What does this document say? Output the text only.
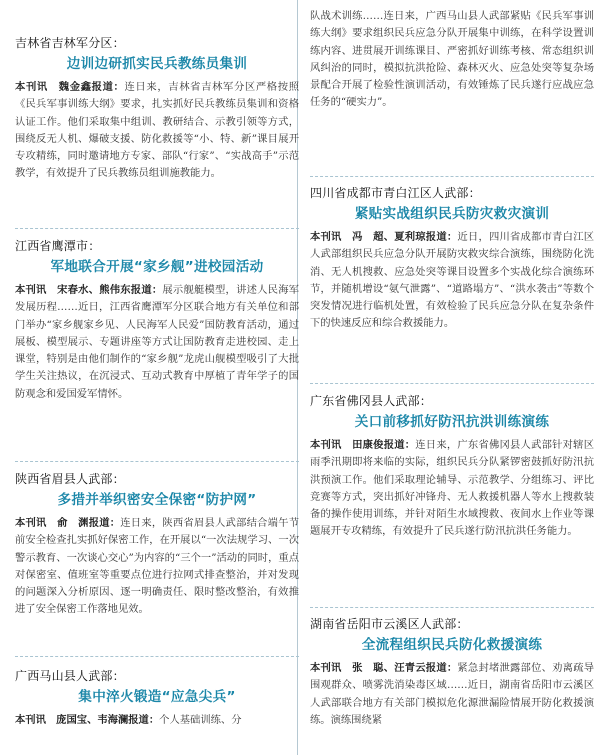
吉林省吉林军分区：
边训边研抓实民兵教练员集训
本刊讯　魏金鑫报道：连日来，吉林省吉林军分区严格按照《民兵军事训练大纲》要求，扎实抓好民兵教练员集训和资格认证工作。他们采取集中组训、教研结合、示教引领等方式，围绕反无人机、爆破支援、防化救援等“小、特、新”课目展开专攻精练，同时邀请地方专家、部队“行家”、“实战高手”示范教学，有效提升了民兵教练员组训施教能力。
江西省鹰潭市：
军地联合开展“家乡舰”进校园活动
本刊讯　宋春水、熊伟东报道：展示舰艇模型，讲述人民海军发展历程……近日，江西省鹰潭军分区联合地方有关单位和部门举办“家乡舰家乡见、人民海军人民爱”国防教育活动，通过展板、模型展示、专题讲座等方式让国防教育走进校园、走上课堂，特别是由他们制作的“家乡舰”龙虎山舰模型吸引了大批学生关注热议，在沉浸式、互动式教育中厚植了青年学子的国防观念和爱国爱军情怀。
陕西省眉县人武部：
多措并举织密安全保密“防护网”
本刊讯　俞　渊报道：连日来，陕西省眉县人武部结合端午节前安全检查扎实抓好保密工作，在开展以“一次法规学习、一次警示教育、一次谈心交心”为内容的“三个一”活动的同时，重点对保密室、值班室等重要点位进行拉网式排查整治，并对发现的问题深入分析原因、逐一明确责任、限时整改整治，有效推进了安全保密工作落地见效。
广西马山县人武部：
集中淬火锻造“应急尖兵”
本刊讯　庞国宝、韦海澜报道：个人基础训练、分
队战术训练……连日来，广西马山县人武部紧贴《民兵军事训练大纲》要求组织民兵应急分队开展集中训练，在科学设置训练内容、进贯展开训练课目、严密抓好训练考核、常态组织训风纠治的同时，模拟抗洪抢险、森林灭火、应急处突等复杂场景配合开展了检验性演训活动，有效锤炼了民兵遂行应战应急任务的“硬实力”。
四川省成都市青白江区人武部：
紧贴实战组织民兵防灾救灾演训
本刊讯　冯　超、夏利琼报道：近日，四川省成都市青白江区人武部组织民兵应急分队开展防灾救灾综合演练，围绕防化洗消、无人机搜救、应急处突等课目设置多个实战化综合演练环节，并随机增设“氨气泄露”、“道路塌方”、“洪水袭击”等数个突发情况进行临机处置，有效检验了民兵应急分队在复杂条件下的快速反应和综合救援能力。
广东省佛冈县人武部：
关口前移抓好防汛抗洪训练演练
本刊讯　田康俊报道：连日来，广东省佛冈县人武部针对辖区雨季汛期即将来临的实际，组织民兵分队紧锣密鼓抓好防汛抗洪预演工作。他们采取理论辅导、示范教学、分组练习、评比竞赛等方式，突出抓好冲锋舟、无人救援机器人等水上搜救装备的操作使用训练，并针对陌生水域搜救、夜间水上作业等课题展开专攻精练，有效提升了民兵遂行防汛抗洪任务能力。
湖南省岳阳市云溪区人武部：
全流程组织民兵防化救援演练
本刊讯　张　聪、汪青云报道：紧急封堵泄露部位、劝离疏导围观群众、喷雾洗消染毒区域……近日，湖南省岳阳市云溪区人武部联合地方有关部门模拟危化源泄漏险情展开防化救援演练。演练围绕紧
